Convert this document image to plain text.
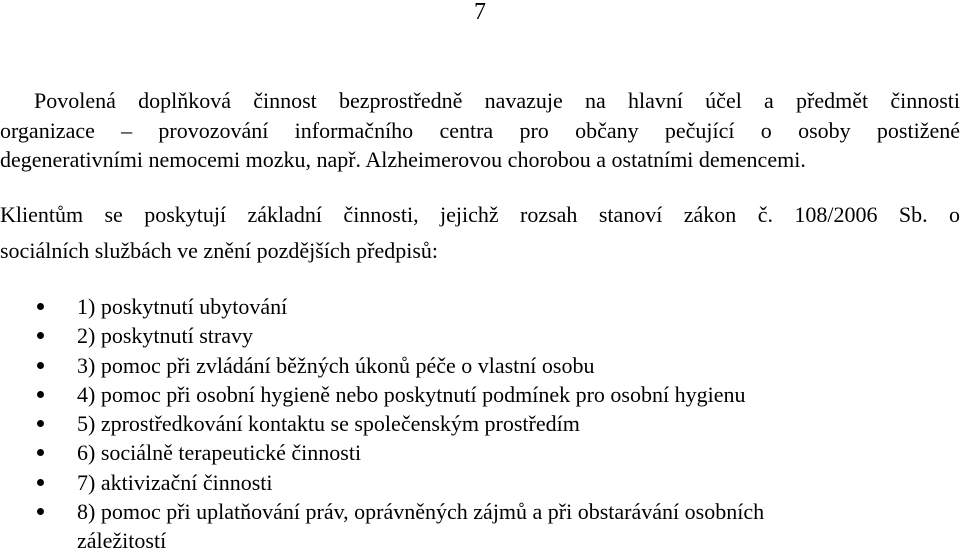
7
Povolená doplňková činnost bezprostředně navazuje na hlavní účel a předmět činnosti
organizace – provozování informačního centra pro občany pečující o osoby postižené
degenerativními nemocemi mozku, např. Alzheimerovou chorobou a ostatními demencemi.
Klientům se poskytují základní činnosti, jejichž rozsah stanoví zákon č. 108/2006 Sb. o
sociálních službách ve znění pozdějších předpisů:
1) poskytnutí ubytování
2) poskytnutí stravy
3) pomoc při zvládání běžných úkonů péče o vlastní osobu
4) pomoc při osobní hygieně nebo poskytnutí podmínek pro osobní hygienu
5) zprostředkování kontaktu se společenským prostředím
6) sociálně terapeutické činnosti
7) aktivizační činnosti
8) pomoc při uplatňování práv, oprávněných zájmů a při obstarávání osobních
záležitostí
